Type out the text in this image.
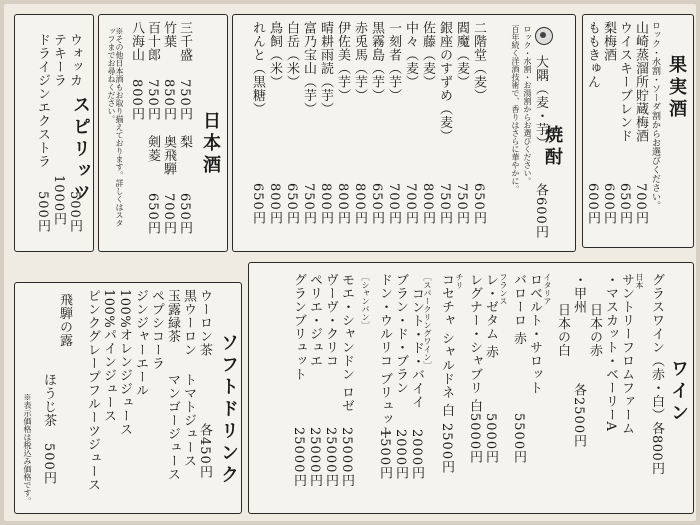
果実酒
ロック・水割・ソーダ割からお選びください。
山崎蒸溜所貯蔵梅酒
ウイスキーブレンド
梨梅酒
ももきゅん
700円
650円
600円
600円
ロック・水割・お湯割からお選びください。
百年続く洋酒技術で、香りはさらに華やかに。 焼酎
大隅（麦・芋）
各600円
二階堂（麦）
閻魔（麦）
銀座のすずめ（麦）
佐藤（麦）
中々（麦）
一刻者（芋）
黒霧島（芋）
赤兎馬（芋）
伊佐美（芋）
晴耕雨読（芋）
富乃宝山（芋）
白岳（米）
鳥飼（米）
れんと（黒糖）
650円
750円
750円
800円
700円
700円
650円
800円
800円
800円
750円
650円
800円
650円
日本酒
三千盛
竹葉
百十郎
八海山
750円
850円
750円
800円
梨
奥飛騨
剣菱
650円
700円
650円
※その他日本酒もお取り揃えております。詳しくはスタッフまでお尋ねください。
ウォッカ
テキーラ
ドライジンエクストラ スピリッツ
500円
1000円
500円
ワイン
グラスワイン（赤・白）各800円
日本
サントリーフロムファーム
・マスカット・ベーリーA
日本の赤
・甲州
日本の白
各2500円
イタリア
ロベルト・サロット
バローロ 赤
5500円
フランス
レ・ゼタム 赤
レグナー・シャブリ 白
5000円
5000円
チリ
コセチャ シャルドネ 白
2500円
［スパークリングワイン］
ドン・ウルリコ ブリュット ブラン・ド・ブラン コント・ド・バイイ
1500円 2000円 2000円
［シャンパン］
モエ・シャンドン ロゼ
ヴーヴ・クリコ
ペリエ・ジュエ
グランブリュット
25000円
25000円
25000円
25000円
ソフトドリンク
ウーロン茶
黒ウーロン
玉露緑茶
ペプシコーラ
ジンジャーエール
100%オレンジジュース
100%パインジュース
ピンクグレープフルーツジュース	トマトジュース
マンゴージュース 各450円
飛騨の露
ほうじ茶
500円
※表示価格は税込み価格です。
